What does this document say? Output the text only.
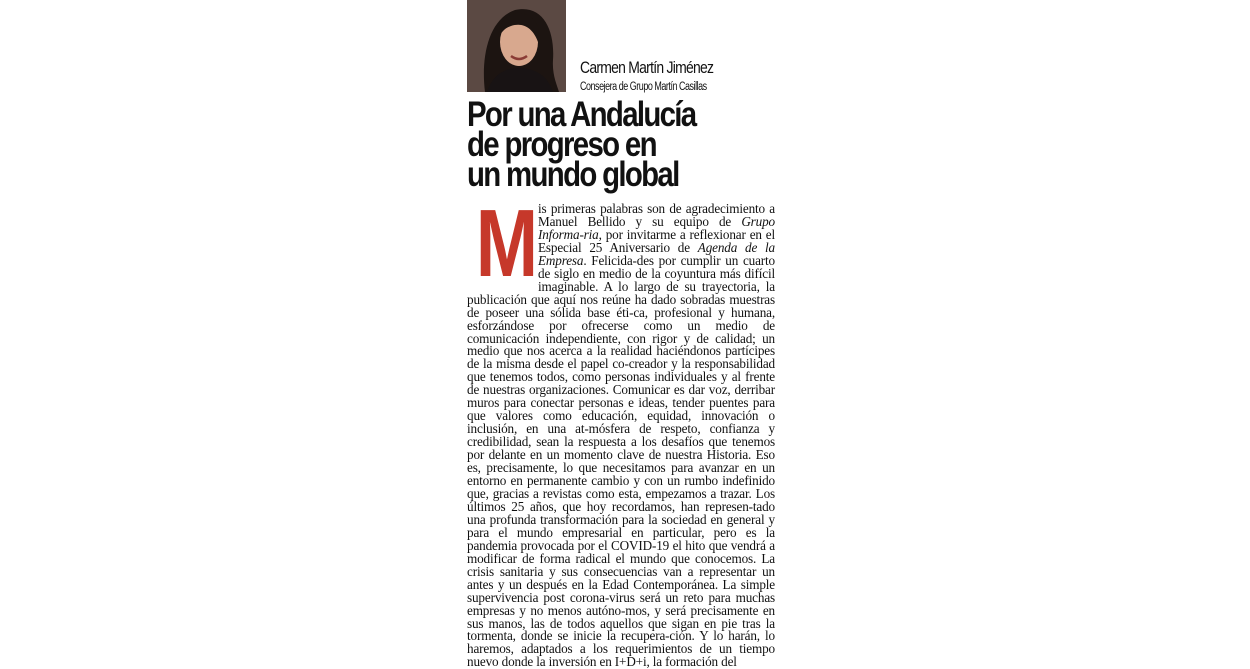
Carmen Martín Jiménez
Consejera de Grupo Martín Casillas
Por una Andalucía
de progreso en
un mundo global
Mis primeras palabras son de agradecimiento a Manuel Bellido y su equipo de Grupo Informa-ria, por invitarme a reflexionar en el Especial 25 Aniversario de Agenda de la Empresa. Felicida-des por cumplir un cuarto de siglo en medio de la coyuntura más difícil imaginable. A lo largo de su trayectoria, la publicación que aquí nos reúne ha dado sobradas muestras de poseer una sólida base éti-ca, profesional y humana, esforzándose por ofrecerse como un medio de comunicación independiente, con rigor y de calidad; un medio que nos acerca a la realidad haciéndonos partícipes de la misma desde el papel co-creador y la responsabilidad que tenemos todos, como personas individuales y al frente de nuestras organizaciones. Comunicar es dar voz, derribar muros para conectar personas e ideas, tender puentes para que valores como educación, equidad, innovación o inclusión, en una at-mósfera de respeto, confianza y credibilidad, sean la respuesta a los desafíos que tenemos por delante en un momento clave de nuestra Historia. Eso es, precisamente, lo que necesitamos para avanzar en un entorno en permanente cambio y con un rumbo indefinido que, gracias a revistas como esta, empezamos a trazar. Los últimos 25 años, que hoy recordamos, han represen-tado una profunda transformación para la sociedad en general y para el mundo empresarial en particular, pero es la pandemia provocada por el COVID-19 el hito que vendrá a modificar de forma radical el mundo que conocemos. La crisis sanitaria y sus consecuencias van a representar un antes y un después en la Edad Contemporánea. La simple supervivencia post corona-virus será un reto para muchas empresas y no menos autóno-mos, y será precisamente en sus manos, las de todos aquellos que sigan en pie tras la tormenta, donde se inicie la recupera-ción. Y lo harán, lo haremos, adaptados a los requerimientos de un tiempo nuevo donde la inversión en I+D+i, la formación del
